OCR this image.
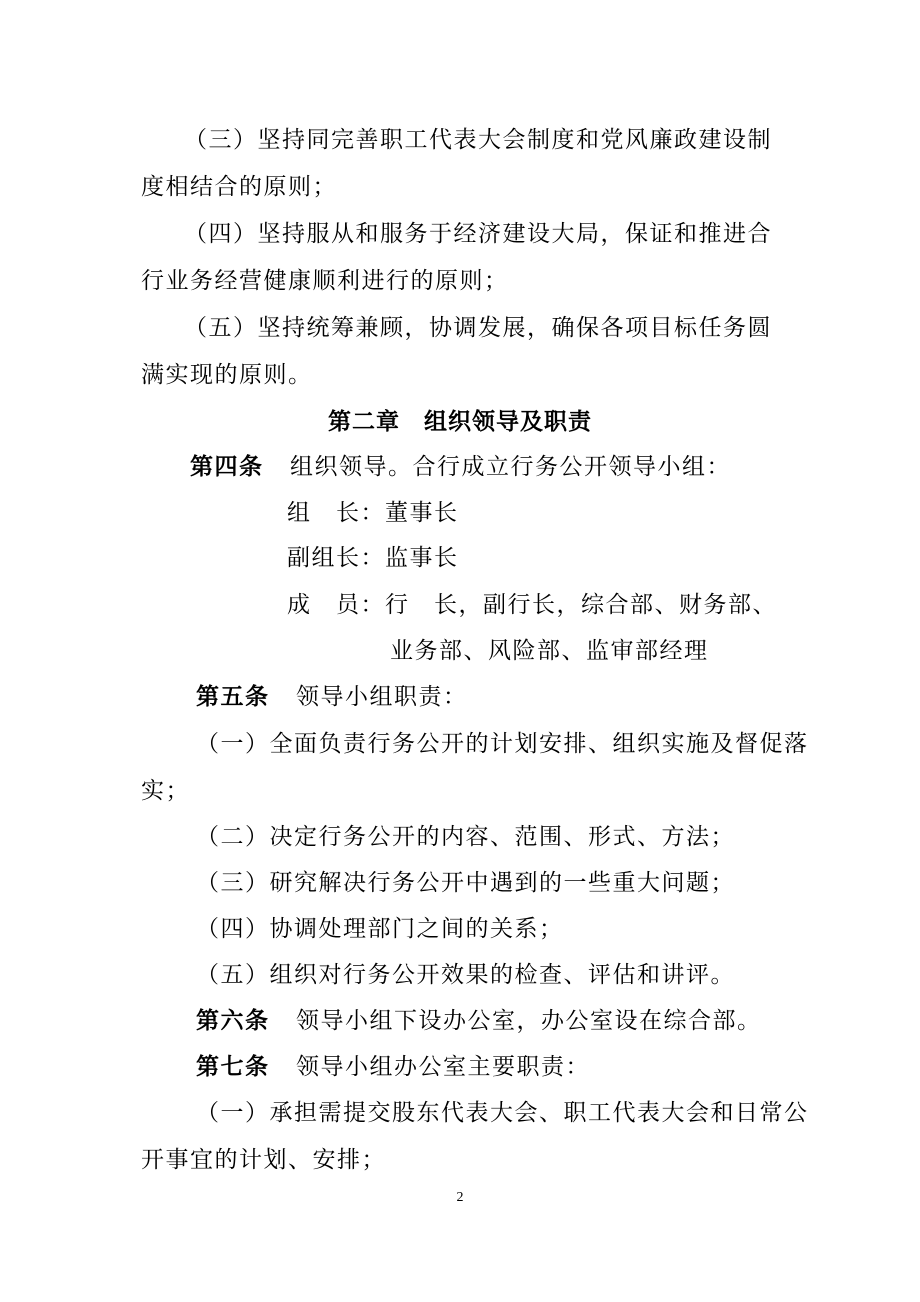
（三）坚持同完善职工代表大会制度和党风廉政建设制
度相结合的原则；
（四）坚持服从和服务于经济建设大局，保证和推进合
行业务经营健康顺利进行的原则；
（五）坚持统筹兼顾，协调发展，确保各项目标任务圆
满实现的原则。
第二章　组织领导及职责
第四条 组织领导。合行成立行务公开领导小组：
组　长：董事长
副组长：监事长
成　员：行　长，副行长，综合部、财务部、
业务部、风险部、监审部经理
第五条 领导小组职责：
（一）全面负责行务公开的计划安排、组织实施及督促落
实；
（二）决定行务公开的内容、范围、形式、方法；
（三）研究解决行务公开中遇到的一些重大问题；
（四）协调处理部门之间的关系；
（五）组织对行务公开效果的检查、评估和讲评。
第六条 领导小组下设办公室，办公室设在综合部。
第七条 领导小组办公室主要职责：
（一）承担需提交股东代表大会、职工代表大会和日常公
开事宜的计划、安排；
2
